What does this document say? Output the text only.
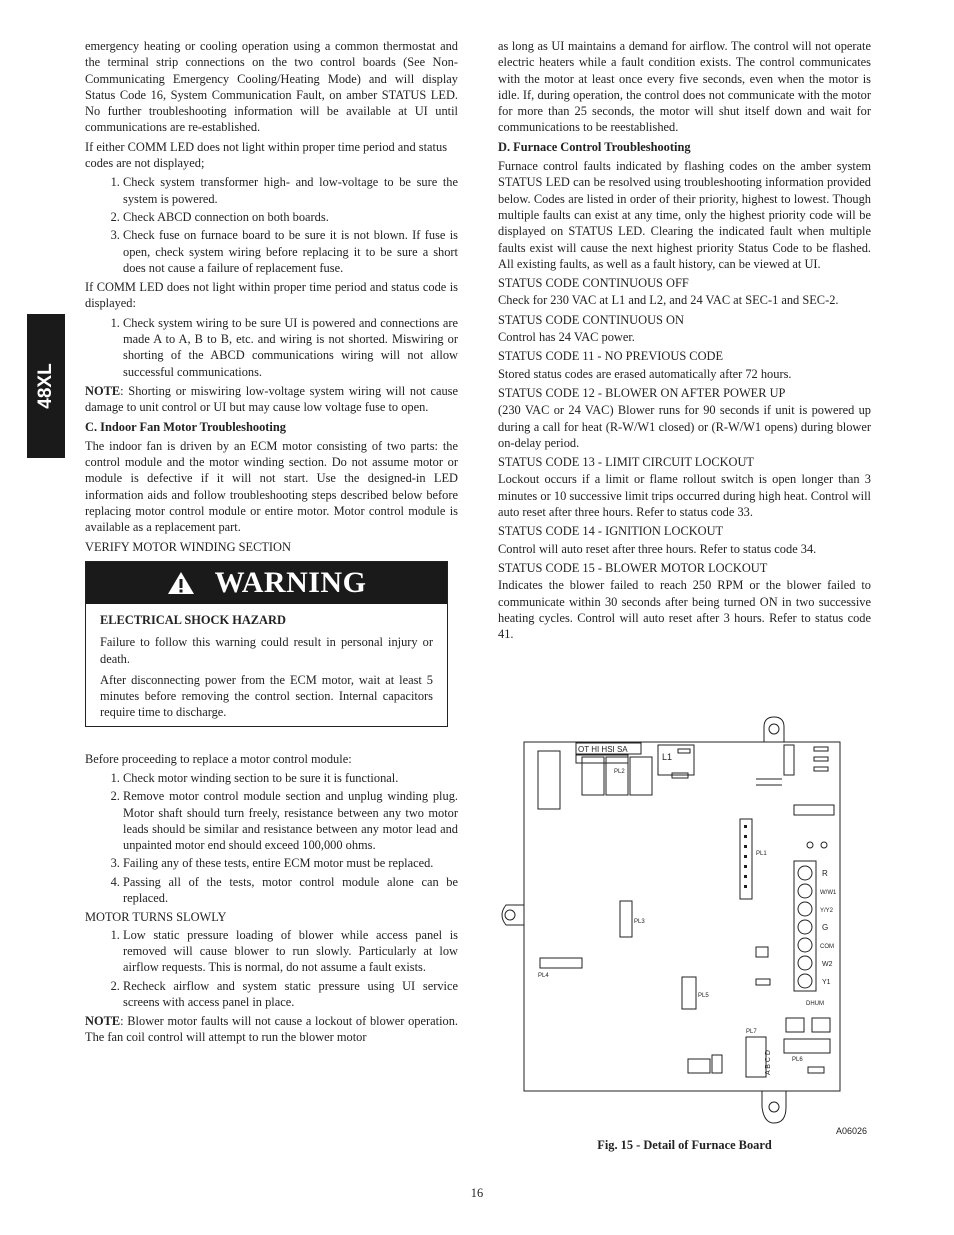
48XL

emergency heating or cooling operation using a common thermostat and the terminal strip connections on the two control boards (See Non-Communicating Emergency Cooling/Heating Mode) and will display Status Code 16, System Communication Fault, on amber STATUS LED. No further troubleshooting information will be available at UI until communications are re-established.

If either COMM LED does not light within proper time period and status codes are not displayed;

1. Check system transformer high- and low-voltage to be sure the system is powered.
2. Check ABCD connection on both boards.
3. Check fuse on furnace board to be sure it is not blown. If fuse is open, check system wiring before replacing it to be sure a short does not cause a failure of replacement fuse.

If COMM LED does not light within proper time period and status code is displayed:

1. Check system wiring to be sure UI is powered and connections are made A to A, B to B, etc. and wiring is not shorted. Miswiring or shorting of the ABCD communications wiring will not allow successful communications.

NOTE: Shorting or miswiring low-voltage system wiring will not cause damage to unit control or UI but may cause low voltage fuse to open.

C. Indoor Fan Motor Troubleshooting

The indoor fan is driven by an ECM motor consisting of two parts: the control module and the motor winding section. Do not assume motor or module is defective if it will not start. Use the designed-in LED information aids and follow troubleshooting steps described below before replacing motor control module or entire motor. Motor control module is available as a replacement part.

VERIFY MOTOR WINDING SECTION

WARNING

ELECTRICAL SHOCK HAZARD

Failure to follow this warning could result in personal injury or death.

After disconnecting power from the ECM motor, wait at least 5 minutes before removing the control section. Internal capacitors require time to discharge.

Before proceeding to replace a motor control module:

1. Check motor winding section to be sure it is functional.
2. Remove motor control module section and unplug winding plug. Motor shaft should turn freely, resistance between any two motor leads should be similar and resistance between any motor lead and unpainted motor end should exceed 100,000 ohms.
3. Failing any of these tests, entire ECM motor must be replaced.
4. Passing all of the tests, motor control module alone can be replaced.

MOTOR TURNS SLOWLY

1. Low static pressure loading of blower while access panel is removed will cause blower to run slowly. Particularly at low airflow requests. This is normal, do not assume a fault exists.
2. Recheck airflow and system static pressure using UI service screens with access panel in place.

NOTE: Blower motor faults will not cause a lockout of blower operation. The fan coil control will attempt to run the blower motor

as long as UI maintains a demand for airflow. The control will not operate electric heaters while a fault condition exists. The control communicates with the motor at least once every five seconds, even when the motor is idle. If, during operation, the control does not communicate with the motor for more than 25 seconds, the motor will shut itself down and wait for communications to be reestablished.

D. Furnace Control Troubleshooting

Furnace control faults indicated by flashing codes on the amber system STATUS LED can be resolved using troubleshooting information provided below. Codes are listed in order of their priority, highest to lowest. Though multiple faults can exist at any time, only the highest priority code will be displayed on STATUS LED. Clearing the indicated fault when multiple faults exist will cause the next highest priority Status Code to be flashed. All existing faults, as well as a fault history, can be viewed at UI.

STATUS CODE CONTINUOUS OFF

Check for 230 VAC at L1 and L2, and 24 VAC at SEC-1 and SEC-2.

STATUS CODE CONTINUOUS ON

Control has 24 VAC power.

STATUS CODE 11 - NO PREVIOUS CODE

Stored status codes are erased automatically after 72 hours.

STATUS CODE 12 - BLOWER ON AFTER POWER UP

(230 VAC or 24 VAC) Blower runs for 90 seconds if unit is powered up during a call for heat (R-W/W1 closed) or (R-W/W1 opens) during blower on-delay period.

STATUS CODE 13 - LIMIT CIRCUIT LOCKOUT

Lockout occurs if a limit or flame rollout switch is open longer than 3 minutes or 10 successive limit trips occurred during high heat. Control will auto reset after three hours. Refer to status code 33.

STATUS CODE 14 - IGNITION LOCKOUT

Control will auto reset after three hours. Refer to status code 34.

STATUS CODE 15 - BLOWER MOTOR LOCKOUT

Indicates the blower failed to reach 250 RPM or the blower failed to communicate within 30 seconds after being turned ON in two successive heating cycles. Control will auto reset after 3 hours. Refer to status code 41.

OT HI HSI SA
PL2
L1
PL1
R
W/W1
Y/Y2
G
COM
W2
Y1
DHUM
PL3
PL4
PL5
PL6
A B C D
PL7
Fig. 15 - Detail of Furnace Board
A06026
16
